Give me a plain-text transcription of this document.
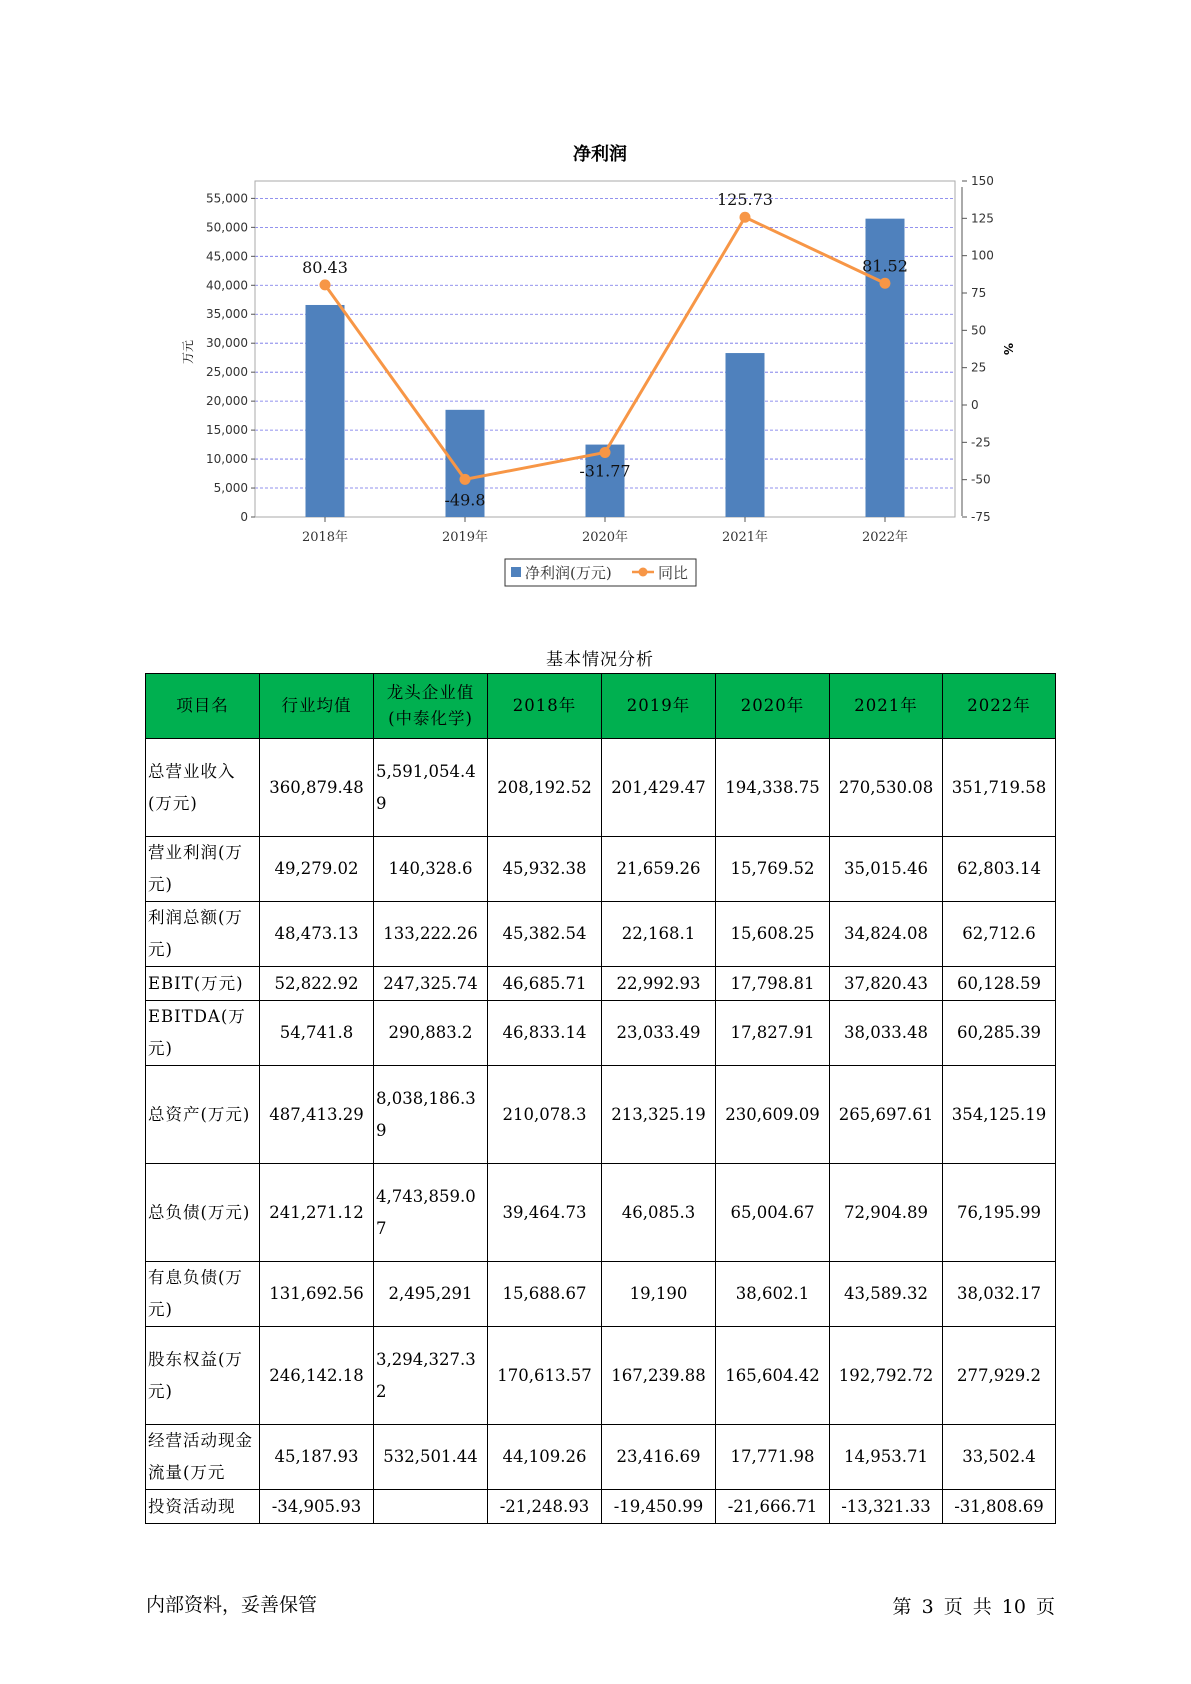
净利润
0
5,000
10,000
15,000
20,000
25,000
30,000
35,000
40,000
45,000
50,000
55,000
-75
-50
-25
0
25
50
75
100
125
150
2018年	2019年	2020年	2021年	2022年
80.43
-49.8
-31.77
125.73
81.52
万元	%
净利润(万元)	同比
基本情况分析
项目名	行业均值	龙头企业值(中泰化学)	2018年	2019年	2020年	2021年	2022年
总营业收入(万元)	360,879.48	5,591,054.49	208,192.52	201,429.47	194,338.75	270,530.08	351,719.58
营业利润(万元)	49,279.02	140,328.6	45,932.38	21,659.26	15,769.52	35,015.46	62,803.14
利润总额(万元)	48,473.13	133,222.26	45,382.54	22,168.1	15,608.25	34,824.08	62,712.6
EBIT(万元)	52,822.92	247,325.74	46,685.71	22,992.93	17,798.81	37,820.43	60,128.59
EBITDA(万元)	54,741.8	290,883.2	46,833.14	23,033.49	17,827.91	38,033.48	60,285.39
总资产(万元)	487,413.29	8,038,186.39	210,078.3	213,325.19	230,609.09	265,697.61	354,125.19
总负债(万元)	241,271.12	4,743,859.07	39,464.73	46,085.3	65,004.67	72,904.89	76,195.99
有息负债(万元)	131,692.56	2,495,291	15,688.67	19,190	38,602.1	43,589.32	38,032.17
股东权益(万元)	246,142.18	3,294,327.32	170,613.57	167,239.88	165,604.42	192,792.72	277,929.2
经营活动现金流量(万元	45,187.93	532,501.44	44,109.26	23,416.69	17,771.98	14,953.71	33,502.4
投资活动现	-34,905.93		-21,248.93	-19,450.99	-21,666.71	-13,321.33	-31,808.69
内部资料，妥善保管	第 3 页 共 10 页
